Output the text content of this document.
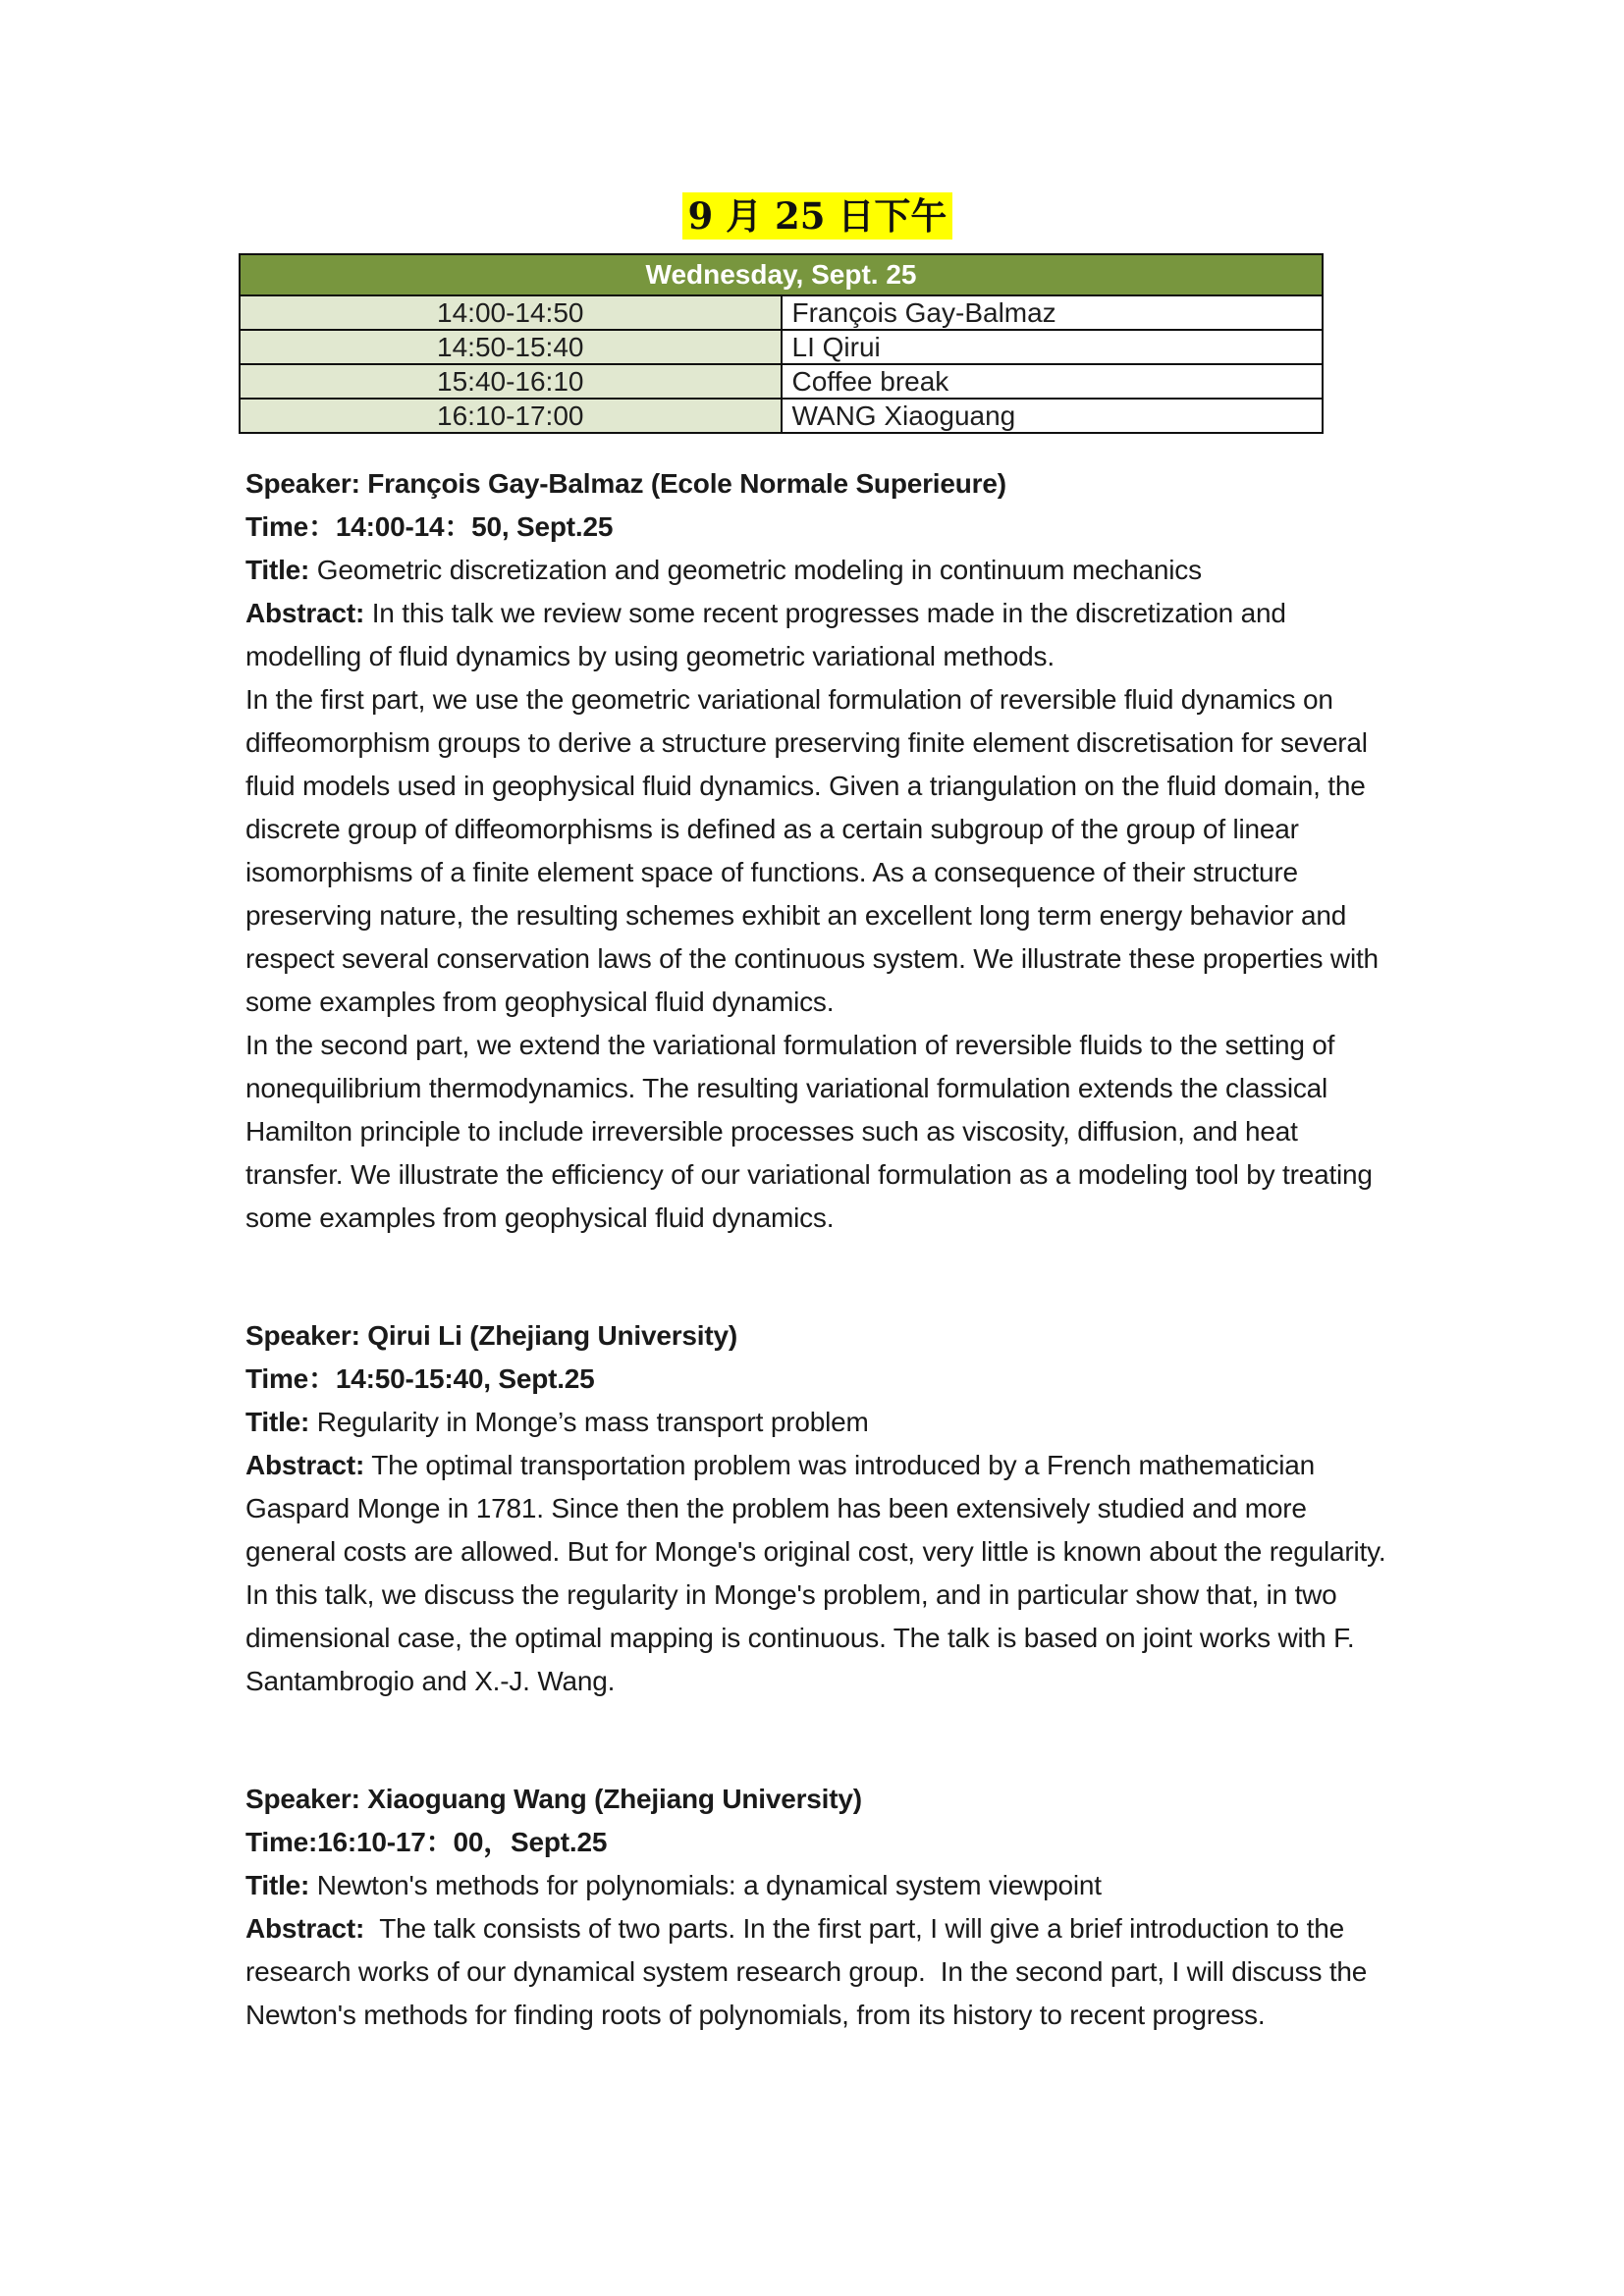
9 月 25 日下午
Wednesday, Sept. 25	
14:00-14:50	François Gay-Balmaz
14:50-15:40	LI Qirui
15:40-16:10	Coffee break
16:10-17:00	WANG Xiaoguang

Speaker: François Gay-Balmaz (Ecole Normale Superieure)

Time：14:00-14：50, Sept.25

Title: Geometric discretization and geometric modeling in continuum mechanics

Abstract: In this talk we review some recent progresses made in the discretization and modelling of fluid dynamics by using geometric variational methods.

In the first part, we use the geometric variational formulation of reversible fluid dynamics on diffeomorphism groups to derive a structure preserving finite element discretisation for several fluid models used in geophysical fluid dynamics. Given a triangulation on the fluid domain, the discrete group of diffeomorphisms is defined as a certain subgroup of the group of linear isomorphisms of a finite element space of functions. As a consequence of their structure preserving nature, the resulting schemes exhibit an excellent long term energy behavior and respect several conservation laws of the continuous system. We illustrate these properties with some examples from geophysical fluid dynamics.

In the second part, we extend the variational formulation of reversible fluids to the setting of nonequilibrium thermodynamics. The resulting variational formulation extends the classical Hamilton principle to include irreversible processes such as viscosity, diffusion, and heat transfer. We illustrate the efficiency of our variational formulation as a modeling tool by treating some examples from geophysical fluid dynamics.

Speaker: Qirui Li (Zhejiang University)

Time：14:50-15:40, Sept.25

Title: Regularity in Monge’s mass transport problem

Abstract: The optimal transportation problem was introduced by a French mathematician Gaspard Monge in 1781. Since then the problem has been extensively studied and more general costs are allowed. But for Monge's original cost, very little is known about the regularity. In this talk, we discuss the regularity in Monge's problem, and in particular show that, in two dimensional case, the optimal mapping is continuous. The talk is based on joint works with F. Santambrogio and X.-J. Wang.

Speaker: Xiaoguang Wang (Zhejiang University)

Time:16:10-17：00，Sept.25

Title: Newton's methods for polynomials: a dynamical system viewpoint

Abstract:  The talk consists of two parts. In the first part, I will give a brief introduction to the research works of our dynamical system research group.  In the second part, I will discuss the Newton's methods for finding roots of polynomials, from its history to recent progress.
